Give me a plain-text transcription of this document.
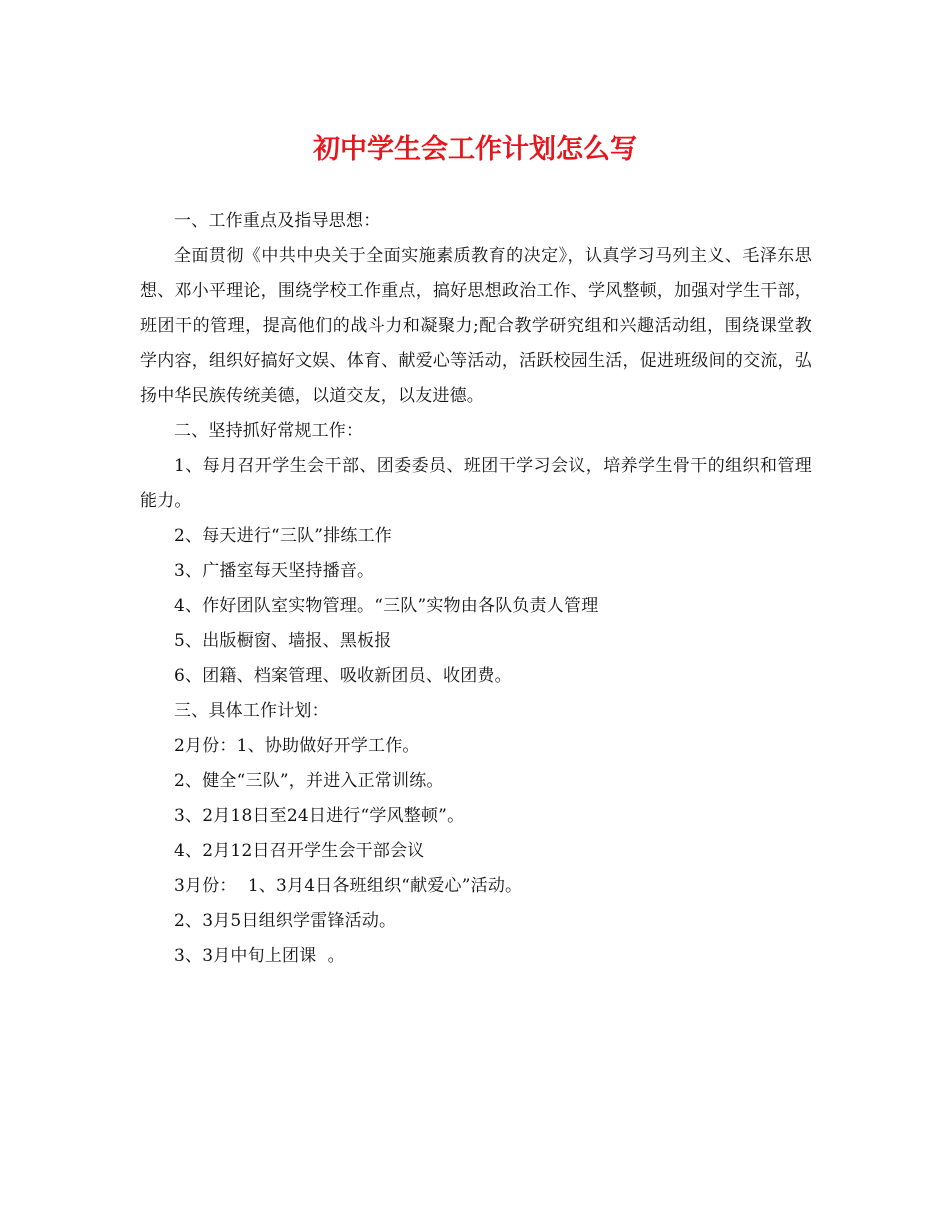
初中学生会工作计划怎么写

一、工作重点及指导思想：

全面贯彻《中共中央关于全面实施素质教育的决定》，认真学习马列主义、毛泽东思想、邓小平理论，围绕学校工作重点，搞好思想政治工作、学风整顿，加强对学生干部，班团干的管理，提高他们的战斗力和凝聚力;配合教学研究组和兴趣活动组，围绕课堂教学内容，组织好搞好文娱、体育、献爱心等活动，活跃校园生活，促进班级间的交流，弘扬中华民族传统美德，以道交友，以友进德。

二、坚持抓好常规工作：

1、每月召开学生会干部、团委委员、班团干学习会议，培养学生骨干的组织和管理能力。

2、每天进行“三队”排练工作

3、广播室每天坚持播音。

4、作好团队室实物管理。“三队”实物由各队负责人管理

5、出版橱窗、墙报、黑板报

6、团籍、档案管理、吸收新团员、收团费。

三、具体工作计划：

2月份：1、协助做好开学工作。

2、健全“三队”，并进入正常训练。

3、2月18日至24日进行“学风整顿”。

4、2月12日召开学生会干部会议

3月份：  1、3月4日各班组织“献爱心”活动。

2、3月5日组织学雷锋活动。

3、3月中旬上团课  。
